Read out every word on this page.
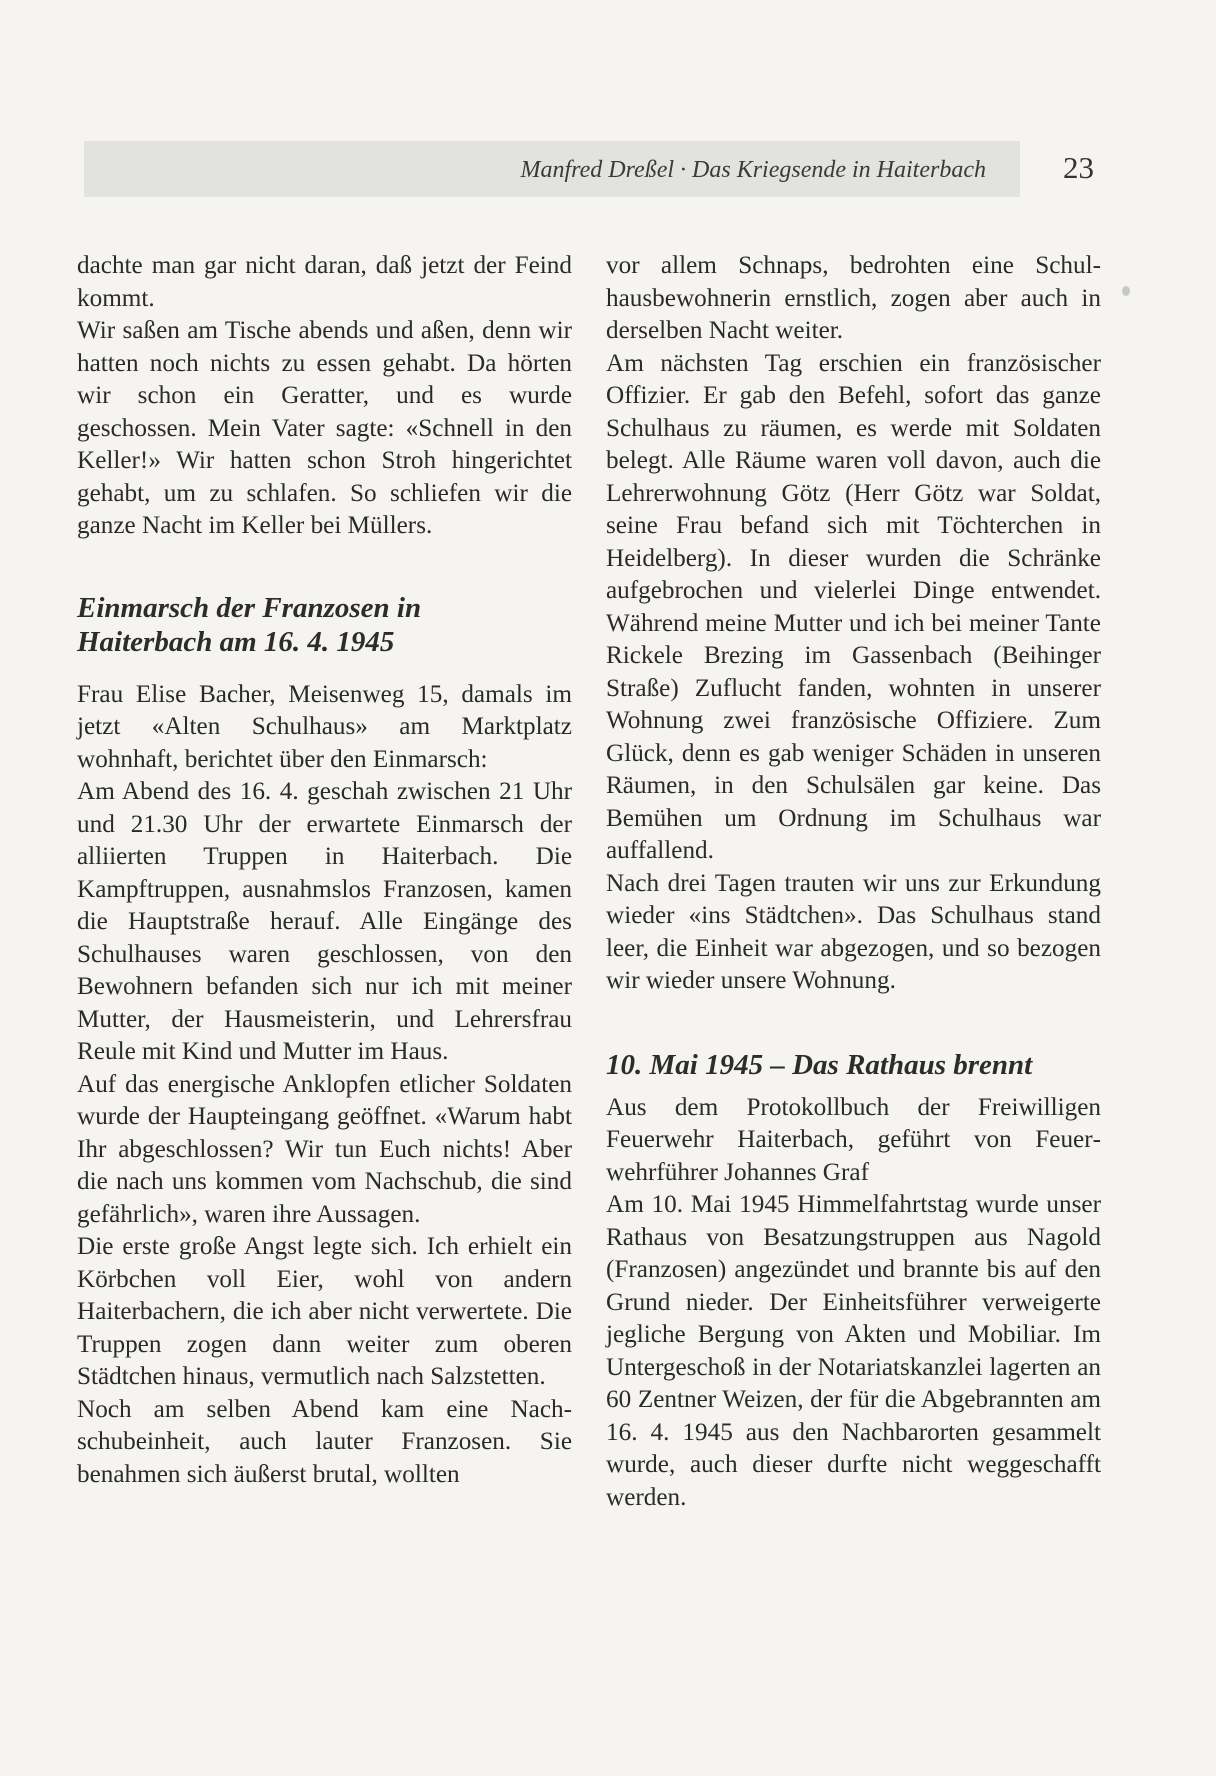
Manfred Dreßel · Das Kriegsende in Haiterbach 23

dachte man gar nicht daran, daß jetzt der Feind kommt.

Wir saßen am Tische abends und aßen, denn wir hatten noch nichts zu essen gehabt. Da hörten wir schon ein Geratter, und es wurde geschossen. Mein Vater sagte: «Schnell in den Keller!» Wir hatten schon Stroh hingerichtet gehabt, um zu schlafen. So schliefen wir die ganze Nacht im Keller bei Müllers.

Einmarsch der Franzosen in
Haiterbach am 16. 4. 1945

Frau Elise Bacher, Meisenweg 15, damals im jetzt «Alten Schulhaus» am Marktplatz wohnhaft, berichtet über den Einmarsch:

Am Abend des 16. 4. geschah zwischen 21 Uhr und 21.30 Uhr der erwartete Einmarsch der alliierten Truppen in Haiterbach. Die Kampftruppen, ausnahmslos Franzosen, kamen die Hauptstraße herauf. Alle Eingänge des Schulhauses waren geschlossen, von den Bewohnern befanden sich nur ich mit meiner Mutter, der Hausmeisterin, und Lehrersfrau Reule mit Kind und Mutter im Haus.

Auf das energische Anklopfen etlicher Soldaten wurde der Haupteingang geöffnet. «Warum habt Ihr abgeschlossen? Wir tun Euch nichts! Aber die nach uns kommen vom Nachschub, die sind gefährlich», waren ihre Aussagen.

Die erste große Angst legte sich. Ich erhielt ein Körbchen voll Eier, wohl von andern Haiterbachern, die ich aber nicht verwertete. Die Truppen zogen dann weiter zum oberen Städtchen hinaus, vermutlich nach Salzstetten.

Noch am selben Abend kam eine Nachschubeinheit, auch lauter Franzosen. Sie benahmen sich äußerst brutal, wollten

vor allem Schnaps, bedrohten eine Schulhausbewohnerin ernstlich, zogen aber auch in derselben Nacht weiter.

Am nächsten Tag erschien ein französischer Offizier. Er gab den Befehl, sofort das ganze Schulhaus zu räumen, es werde mit Soldaten belegt. Alle Räume waren voll davon, auch die Lehrerwohnung Götz (Herr Götz war Soldat, seine Frau befand sich mit Töchterchen in Heidelberg). In dieser wurden die Schränke aufgebrochen und vielerlei Dinge entwendet. Während meine Mutter und ich bei meiner Tante Rickele Brezing im Gassenbach (Beihinger Straße) Zuflucht fanden, wohnten in unserer Wohnung zwei französische Offiziere. Zum Glück, denn es gab weniger Schäden in unseren Räumen, in den Schulsälen gar keine. Das Bemühen um Ordnung im Schulhaus war auffallend.

Nach drei Tagen trauten wir uns zur Erkundung wieder «ins Städtchen». Das Schulhaus stand leer, die Einheit war abgezogen, und so bezogen wir wieder unsere Wohnung.

10. Mai 1945 – Das Rathaus brennt

Aus dem Protokollbuch der Freiwilligen Feuerwehr Haiterbach, geführt von Feuerwehrführer Johannes Graf

Am 10. Mai 1945 Himmelfahrtstag wurde unser Rathaus von Besatzungstruppen aus Nagold (Franzosen) angezündet und brannte bis auf den Grund nieder. Der Einheitsführer verweigerte jegliche Bergung von Akten und Mobiliar. Im Untergeschoß in der Notariatskanzlei lagerten an 60 Zentner Weizen, der für die Abgebrannten am 16. 4. 1945 aus den Nachbarorten gesammelt wurde, auch dieser durfte nicht weggeschafft werden.
